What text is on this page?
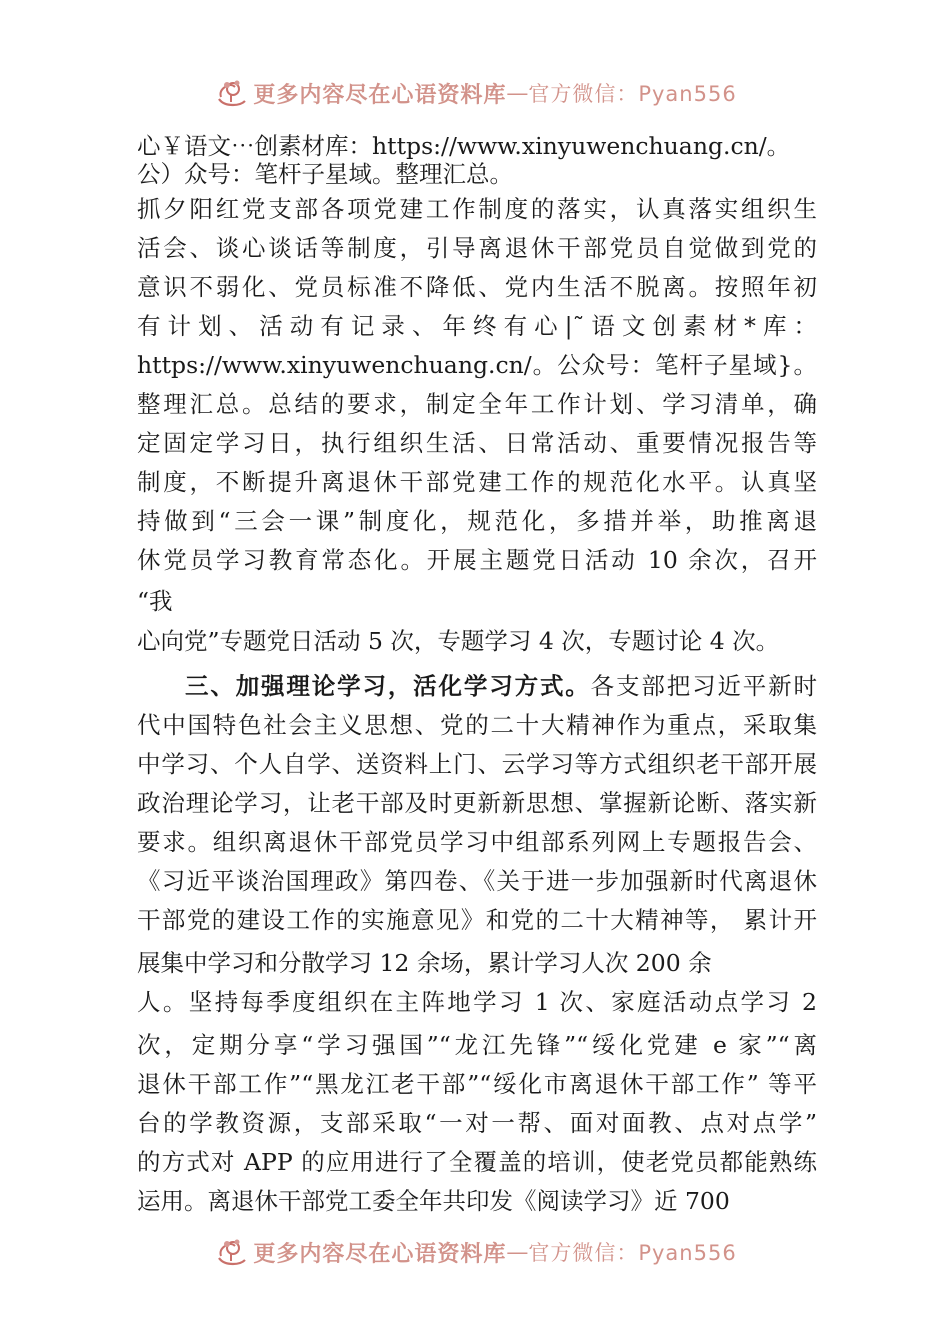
更多内容尽在心语资料库 — 官方微信：Pyan556
心￥语文⋯创素材库：https://www.xinyuwenchuang.cn/。
公）众号：笔杆子星域。整理汇总。
抓夕阳红党支部各项党建工作制度的落实，认真落实组织生
活会、谈心谈话等制度，引导离退休干部党员自觉做到党的
意识不弱化、党员标准不降低、党内生活不脱离。按照年初
有计划、活动有记录、年终有心|˜语文创素材*库：
https://www.xinyuwenchuang.cn/。公众号：笔杆子星域}。
整理汇总。总结的要求，制定全年工作计划、学习清单，确
定固定学习日，执行组织生活、日常活动、重要情况报告等
制度，不断提升离退休干部党建工作的规范化水平。认真坚
持做到“三会一课”制度化，规范化，多措并举，助推离退
休党员学习教育常态化。开展主题党日活动 10 余次，召开
“我
心向党”专题党日活动 5 次，专题学习 4 次，专题讨论 4 次。
三、加强理论学习，活化学习方式。各支部把习近平新时
代中国特色社会主义思想、党的二十大精神作为重点，采取集
中学习、个人自学、送资料上门、云学习等方式组织老干部开展
政治理论学习，让老干部及时更新新思想、掌握新论断、落实新
要求。组织离退休干部党员学习中组部系列网上专题报告会、
《习近平谈治国理政》第四卷、《关于进一步加强新时代离退休
干部党的建设工作的实施意见》和党的二十大精神等， 累计开
展集中学习和分散学习 12 余场，累计学习人次 200 余
人。坚持每季度组织在主阵地学习 1 次、家庭活动点学习 2
次，定期分享“学习强国”“龙江先锋”“绥化党建 e 家”“离
退休干部工作”“黑龙江老干部”“绥化市离退休干部工作” 等平
台的学教资源，支部采取“一对一帮、面对面教、点对点学”
的方式对 APP 的应用进行了全覆盖的培训，使老党员都能熟练
运用。离退休干部党工委全年共印发《阅读学习》近 700
更多内容尽在心语资料库 — 官方微信：Pyan556
